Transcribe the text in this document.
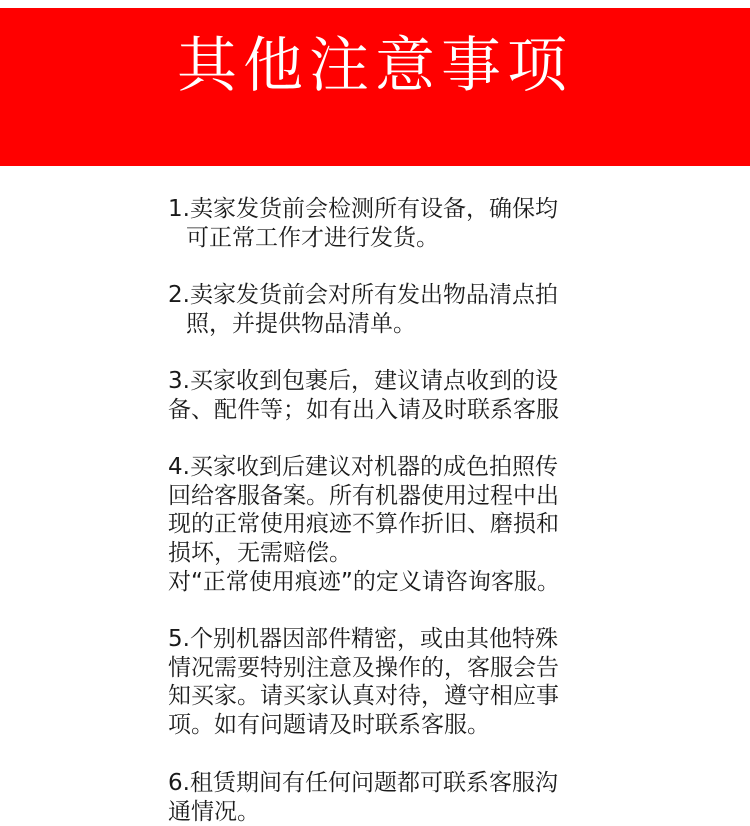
其他注意事项

1.卖家发货前会检测所有设备，确保均
可正常工作才进行发货。

2.卖家发货前会对所有发出物品清点拍
照，并提供物品清单。

3.买家收到包裹后，建议请点收到的设
备、配件等；如有出入请及时联系客服

4.买家收到后建议对机器的成色拍照传
回给客服备案。所有机器使用过程中出
现的正常使用痕迹不算作折旧、磨损和
损坏，无需赔偿。
对“正常使用痕迹”的定义请咨询客服。

5.个别机器因部件精密，或由其他特殊
情况需要特别注意及操作的，客服会告
知买家。请买家认真对待，遵守相应事
项。如有问题请及时联系客服。

6.租赁期间有任何问题都可联系客服沟
通情况。
